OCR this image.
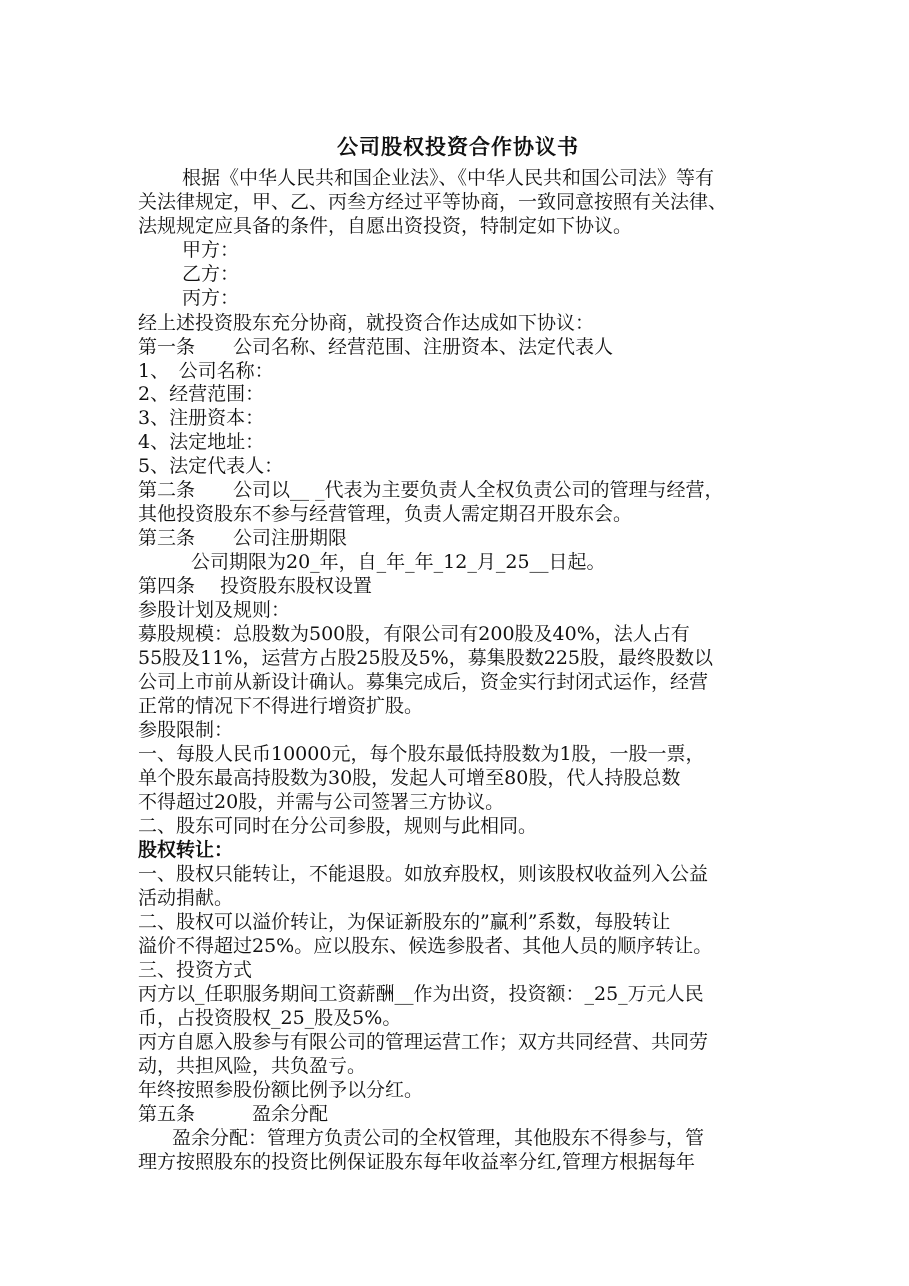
公司股权投资合作协议书
根据《中华人民共和国企业法》、《中华人民共和国公司法》等有
关法律规定，甲、乙、丙叁方经过平等协商，一致同意按照有关法律、
法规规定应具备的条件，自愿出资投资，特制定如下协议。
甲方：
乙方：
丙方：
经上述投资股东充分协商，就投资合作达成如下协议：
第一条　　公司名称、经营范围、注册资本、法定代表人
1、　公司名称：
2、经营范围：
3、注册资本：
4、法定地址：
5、法定代表人：
第二条　　公司以__ _代表为主要负责人全权负责公司的管理与经营，
其他投资股东不参与经营管理，负责人需定期召开股东会。
第三条　　公司注册期限
公司期限为20_年，自_年_年_12_月_25__日起。
第四条　 投资股东股权设置
参股计划及规则：
募股规模：总股数为500股，有限公司有200股及40%，法人占有
55股及11%，运营方占股25股及5%，募集股数225股，最终股数以
公司上市前从新设计确认。募集完成后，资金实行封闭式运作，经营
正常的情况下不得进行增资扩股。
参股限制：
一、每股人民币10000元，每个股东最低持股数为1股，一股一票，
单个股东最高持股数为30股，发起人可增至80股，代人持股总数
不得超过20股，并需与公司签署三方协议。
二、股东可同时在分公司参股，规则与此相同。
股权转让：
一、股权只能转让，不能退股。如放弃股权，则该股权收益列入公益
活动捐献。
二、股权可以溢价转让，为保证新股东的”赢利”系数，每股转让
溢价不得超过25%。应以股东、候选参股者、其他人员的顺序转让。
三、投资方式
丙方以_任职服务期间工资薪酬__作为出资，投资额：_25_万元人民
币，占投资股权_25_股及5%。
丙方自愿入股参与有限公司的管理运营工作；双方共同经营、共同劳
动，共担风险，共负盈亏。
年终按照参股份额比例予以分红。
第五条　　　盈余分配
盈余分配：管理方负责公司的全权管理，其他股东不得参与，管
理方按照股东的投资比例保证股东每年收益率分红,管理方根据每年
